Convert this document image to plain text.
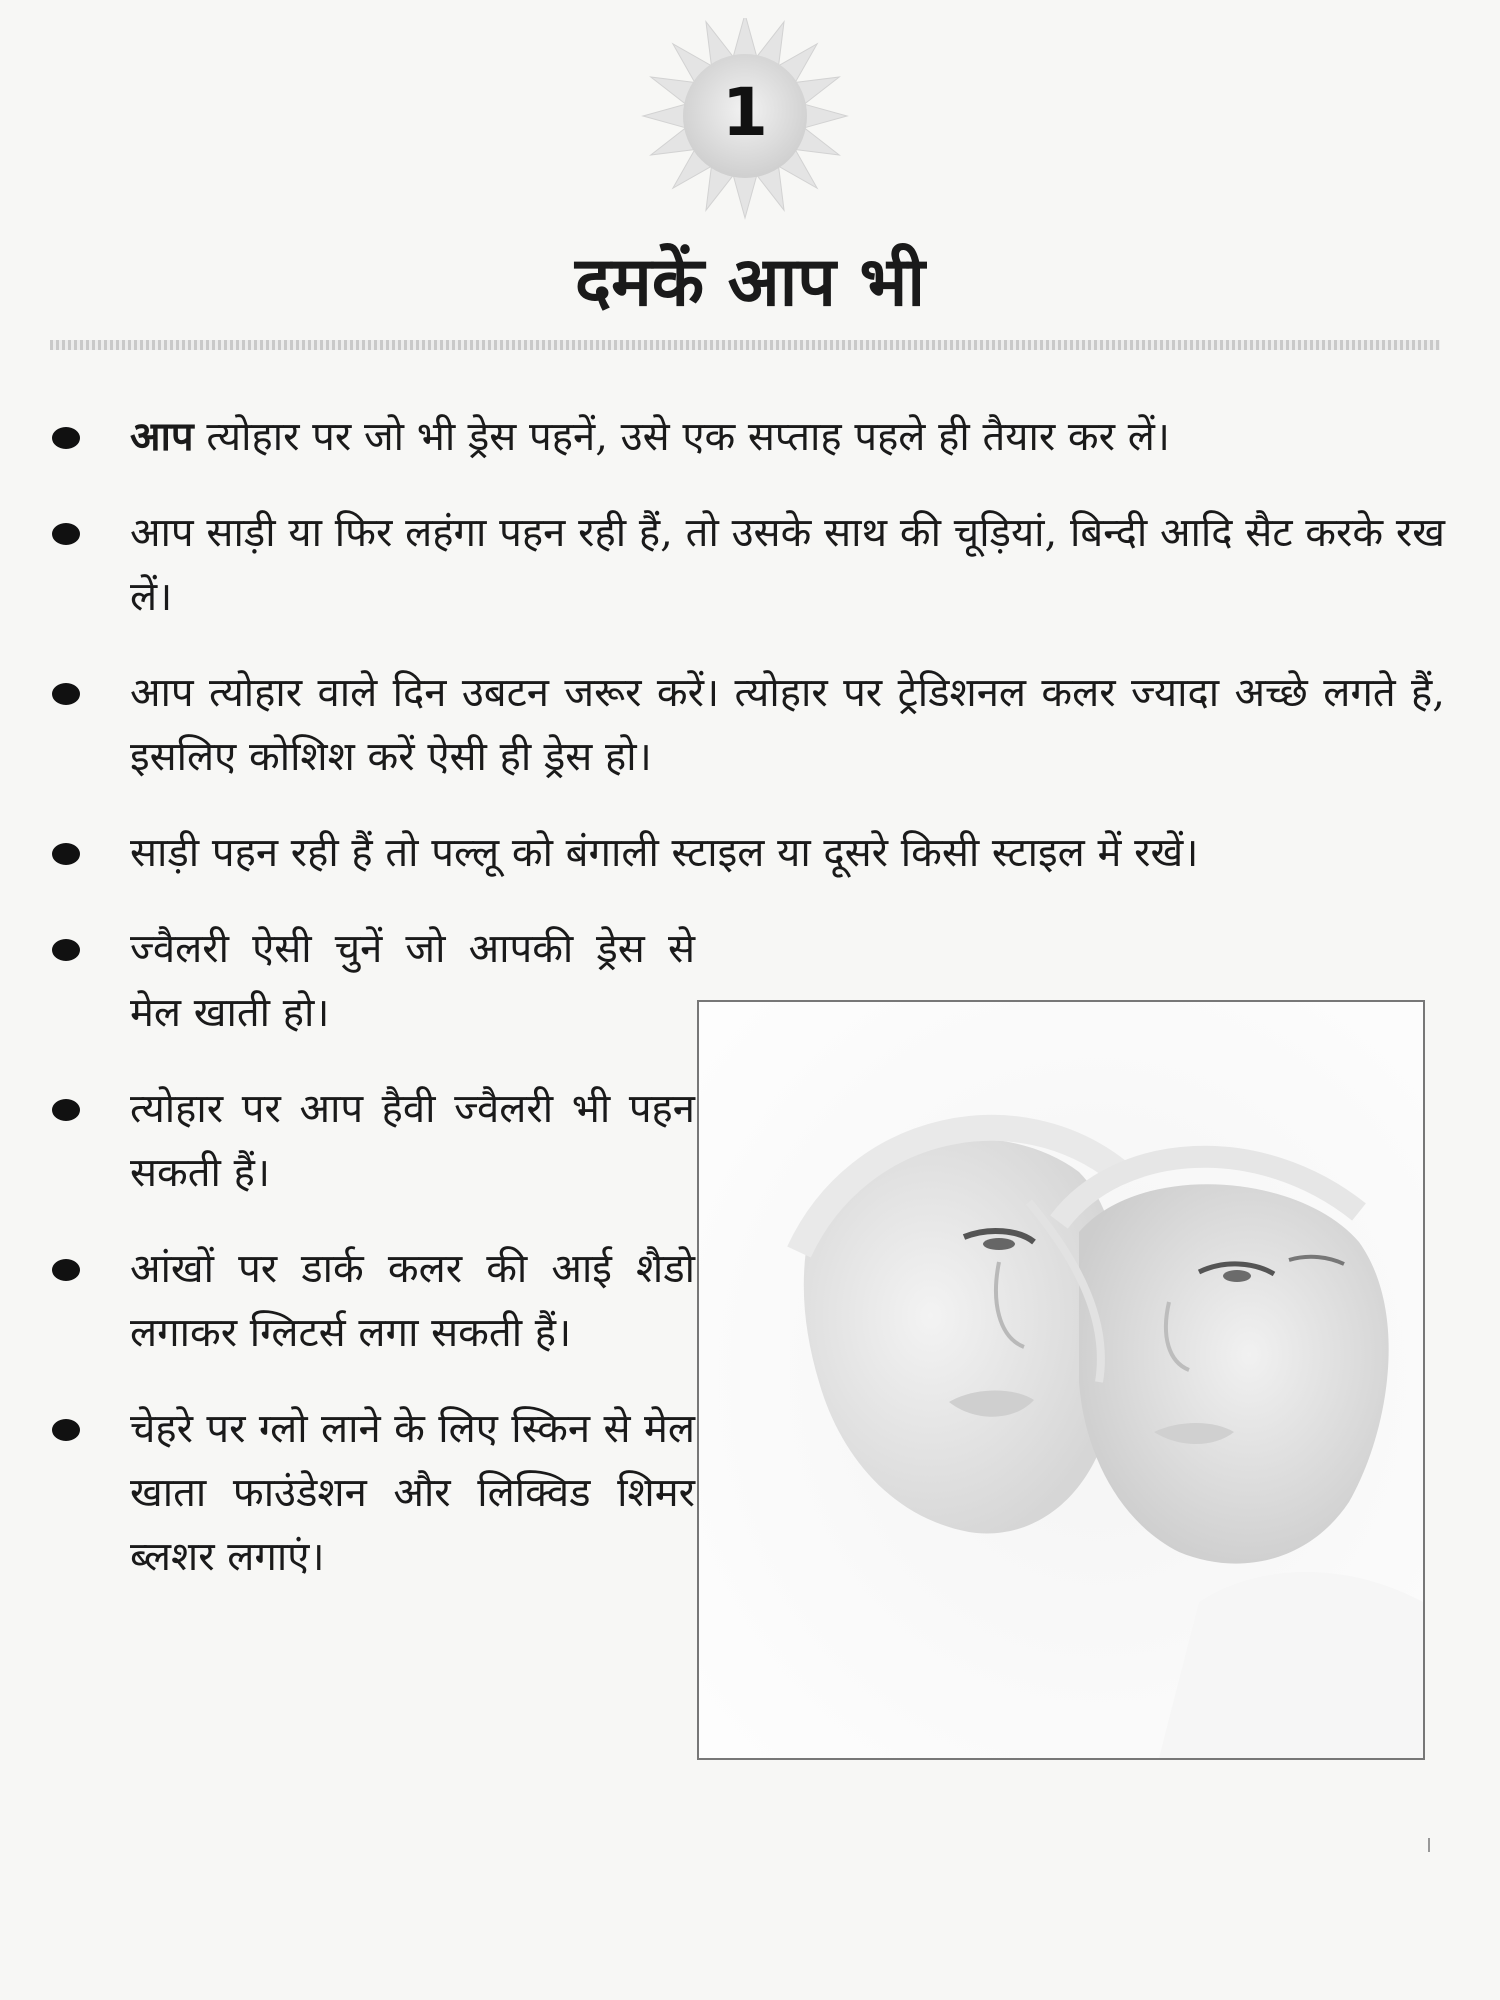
1
दमकें आप भी
आप त्योहार पर जो भी ड्रेस पहनें, उसे एक सप्ताह पहले ही तैयार कर लें।
आप साड़ी या फिर लहंगा पहन रही हैं, तो उसके साथ की चूड़ियां, बिन्दी आदि सैट करके रख लें।
आप त्योहार वाले दिन उबटन जरूर करें। त्योहार पर ट्रेडिशनल कलर ज्यादा अच्छे लगते हैं, इसलिए कोशिश करें ऐसी ही ड्रेस हो।
साड़ी पहन रही हैं तो पल्लू को बंगाली स्टाइल या दूसरे किसी स्टाइल में रखें।
ज्वैलरी ऐसी चुनें जो आपकी ड्रेस से मेल खाती हो।
त्योहार पर आप हैवी ज्वैलरी भी पहन सकती हैं।
आंखों पर डार्क कलर की आई शैडो लगाकर ग्लिटर्स लगा सकती हैं।
चेहरे पर ग्लो लाने के लिए स्किन से मेल खाता फाउंडेशन और लिक्विड शिमर ब्लशर लगाएं।
